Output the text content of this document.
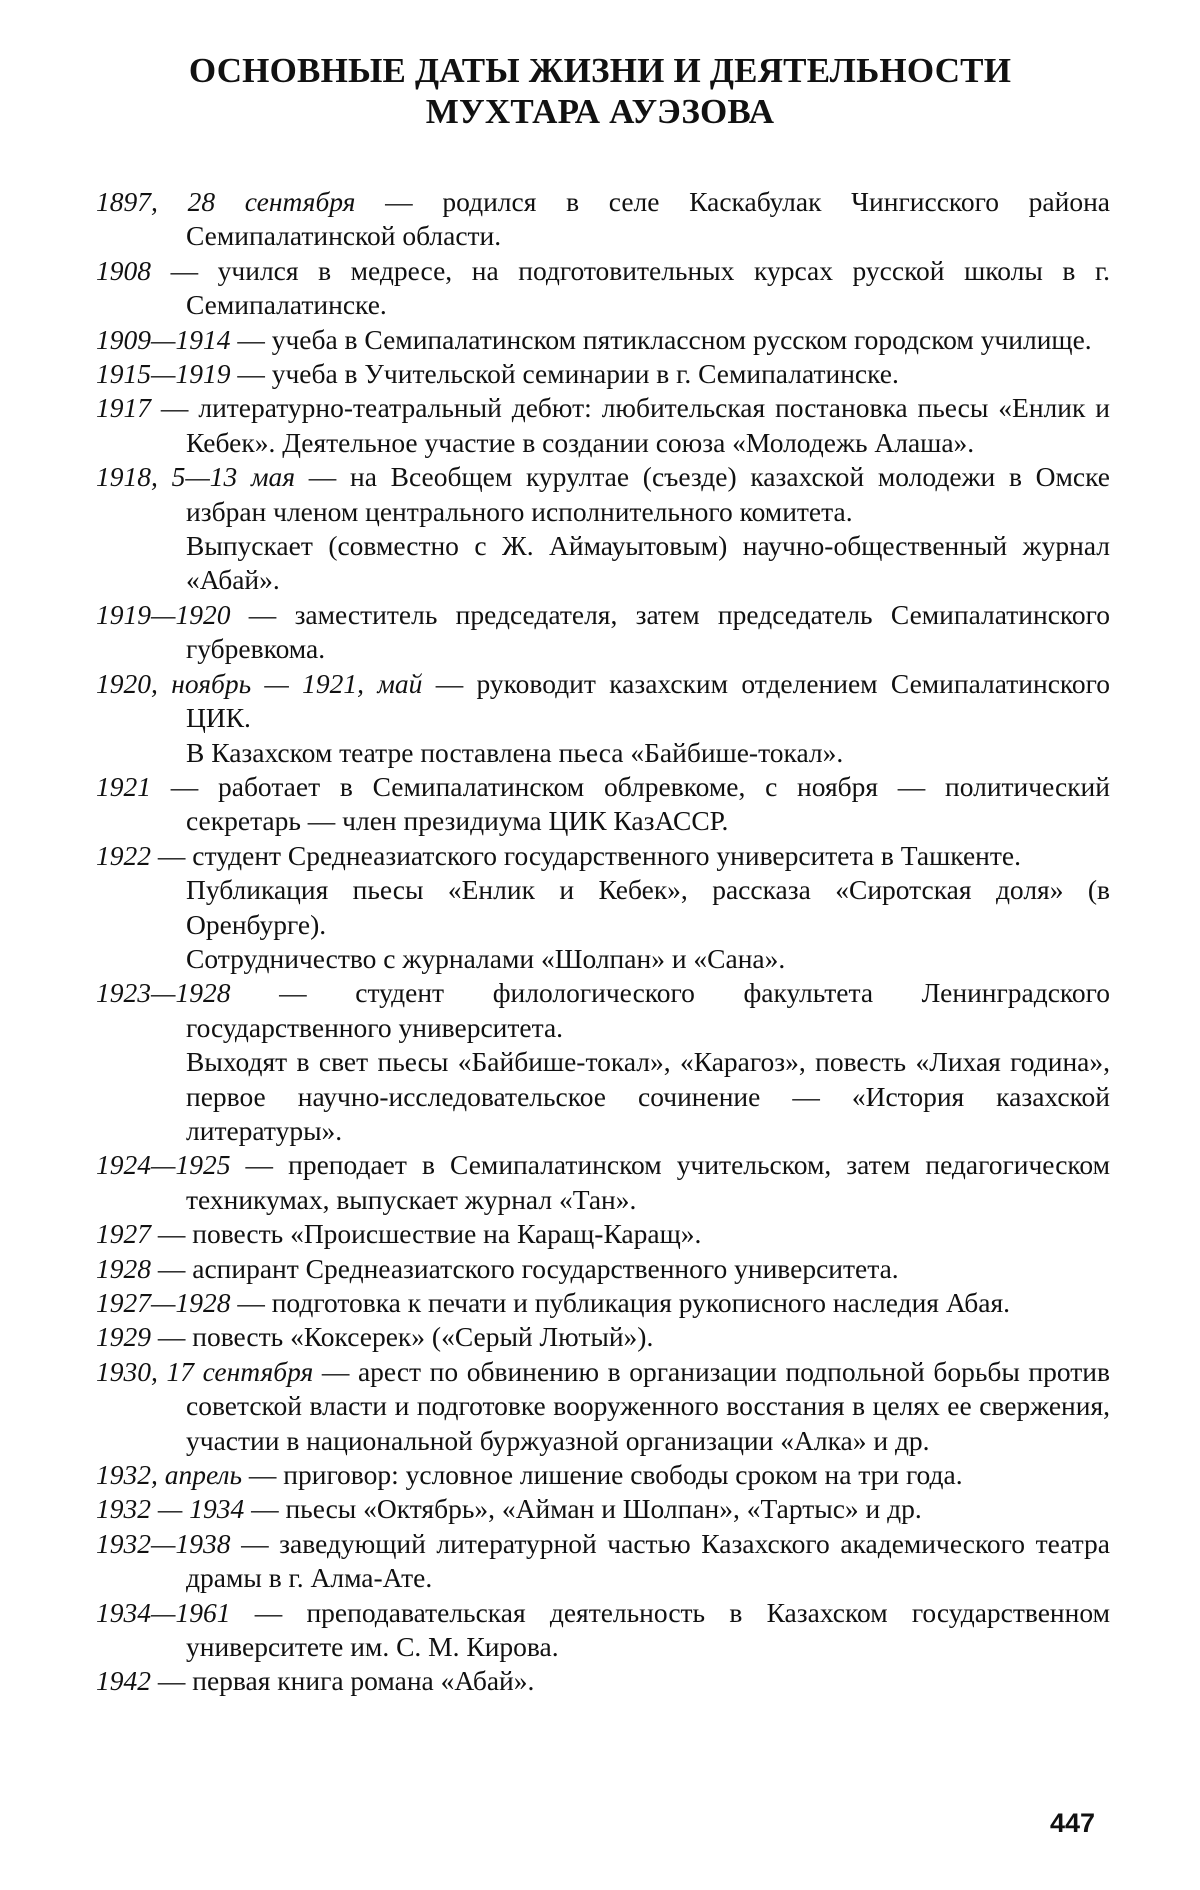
ОСНОВНЫЕ ДАТЫ ЖИЗНИ И ДЕЯТЕЛЬНОСТИ
МУХТАРА АУЭЗОВА
1897, 28 сентября — родился в селе Каскабулак Чингисского района Семипалатинской области.
1908 — учился в медресе, на подготовительных курсах русской школы в г. Семипалатинске.
1909—1914 — учеба в Семипалатинском пятиклассном русском городском училище.
1915—1919 — учеба в Учительской семинарии в г. Семипалатинске.
1917 — литературно-театральный дебют: любительская постановка пьесы «Енлик и Кебек». Деятельное участие в создании союза «Молодежь Алаша».
1918, 5—13 мая — на Всеобщем курултае (съезде) казахской молодежи в Омске избран членом центрального исполнительного комитета.
Выпускает (совместно с Ж. Аймауытовым) научно-общественный журнал «Абай».
1919—1920 — заместитель председателя, затем председатель Семипалатинского губревкома.
1920, ноябрь — 1921, май — руководит казахским отделением Семипалатинского ЦИК.
В Казахском театре поставлена пьеса «Байбише-токал».
1921 — работает в Семипалатинском облревкоме, с ноября — политический секретарь — член президиума ЦИК КазАССР.
1922 — студент Среднеазиатского государственного университета в Ташкенте.
Публикация пьесы «Енлик и Кебек», рассказа «Сиротская доля» (в Оренбурге).
Сотрудничество с журналами «Шолпан» и «Сана».
1923—1928 — студент филологического факультета Ленинградского государственного университета.
Выходят в свет пьесы «Байбише-токал», «Карагоз», повесть «Лихая година», первое научно-исследовательское сочинение — «История казахской литературы».
1924—1925 — преподает в Семипалатинском учительском, затем педагогическом техникумах, выпускает журнал «Тан».
1927 — повесть «Происшествие на Каращ-Каращ».
1928 — аспирант Среднеазиатского государственного университета.
1927—1928 — подготовка к печати и публикация рукописного наследия Абая.
1929 — повесть «Коксерек» («Серый Лютый»).
1930, 17 сентября — арест по обвинению в организации подпольной борьбы против советской власти и подготовке вооруженного восстания в целях ее свержения, участии в национальной буржуазной организации «Алка» и др.
1932, апрель — приговор: условное лишение свободы сроком на три года.
1932 — 1934 — пьесы «Октябрь», «Айман и Шолпан», «Тартыс» и др.
1932—1938 — заведующий литературной частью Казахского академического театра драмы в г. Алма-Ате.
1934—1961 — преподавательская деятельность в Казахском государственном университете им. С. М. Кирова.
1942 — первая книга романа «Абай».
447
